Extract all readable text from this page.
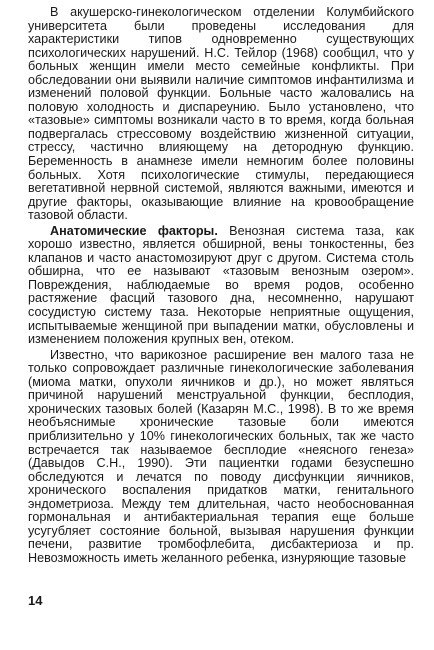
В акушерско-гинекологическом отделении Колумбийского университета были проведены исследования для характеристики типов одновременно существующих психологических нарушений. Н.С. Тейлор (1968) сообщил, что у больных женщин имели место семейные конфликты. При обследовании они выявили наличие симптомов инфантилизма и изменений половой функции. Больные часто жаловались на половую холодность и диспареунию. Было установлено, что «тазовые» симптомы возникали часто в то время, когда больная подвергалась стрессовому воздействию жизненной ситуации, стрессу, частично влияющему на детородную функцию. Беременность в анамнезе имели немногим более половины больных. Хотя психологические стимулы, передающиеся вегетативной нервной системой, являются важными, имеются и другие факторы, оказывающие влияние на кровообращение тазовой области.

Анатомические факторы. Венозная система таза, как хорошо известно, является обширной, вены тонкостенны, без клапанов и часто анастомозируют друг с другом. Система столь обширна, что ее называют «тазовым венозным озером». Повреждения, наблюдаемые во время родов, особенно растяжение фасций тазового дна, несомненно, нарушают сосудистую систему таза. Некоторые неприятные ощущения, испытываемые женщиной при выпадении матки, обусловлены и изменением положения крупных вен, отеком.

Известно, что варикозное расширение вен малого таза не только сопровождает различные гинекологические заболевания (миома матки, опухоли яичников и др.), но может являться причиной нарушений менструальной функции, бесплодия, хронических тазовых болей (Казарян М.С., 1998). В то же время необъяснимые хронические тазовые боли имеются приблизительно у 10% гинекологических больных, так же часто встречается так называемое бесплодие «неясного генеза» (Давыдов С.Н., 1990). Эти пациентки годами безуспешно обследуются и лечатся по поводу дисфункции яичников, хронического воспаления придатков матки, генитального эндометриоза. Между тем длительная, часто необоснованная гормональная и антибактериальная терапия еще больше усугубляет состояние больной, вызывая нарушения функции печени, развитие тромбофлебита, дисбактериоза и пр. Невозможность иметь желанного ребенка, изнуряющие тазовые

14
